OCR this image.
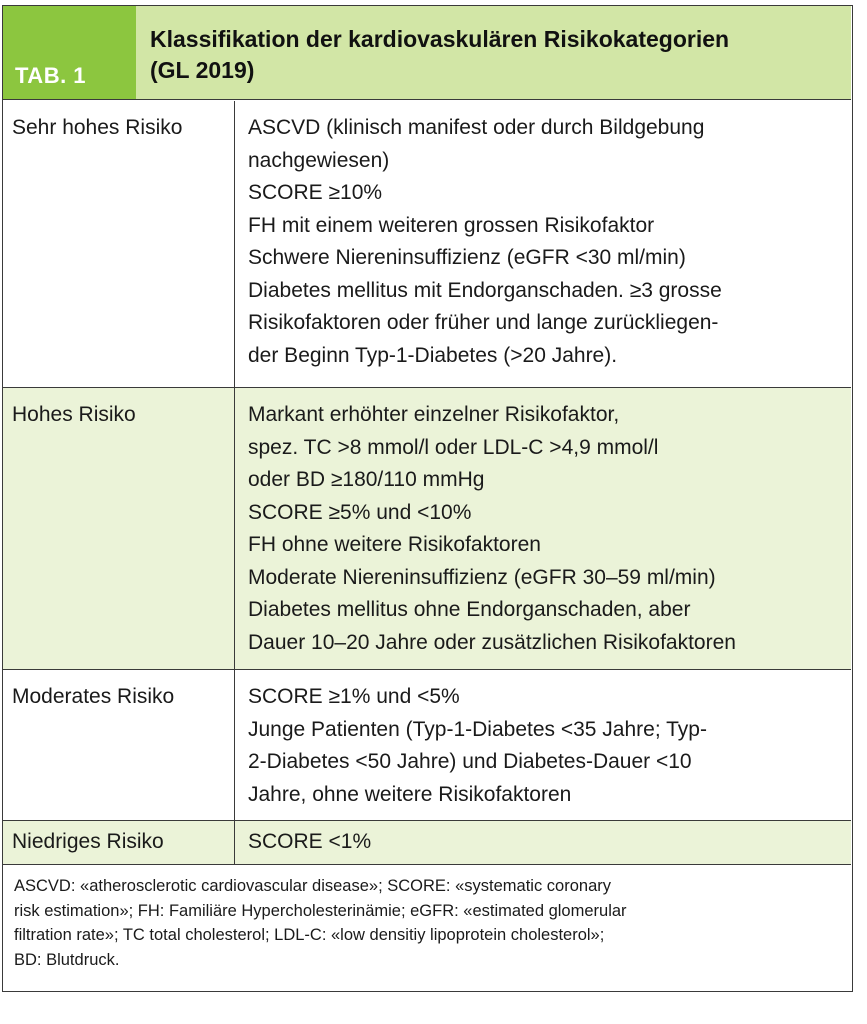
TAB. 1
Klassifikation der kardiovaskulären Risikokategorien
(GL 2019)
Sehr hohes Risiko	ASCVD (klinisch manifest oder durch Bildgebung
nachgewiesen)
SCORE ≥10%
FH mit einem weiteren grossen Risikofaktor
Schwere Niereninsuffizienz (eGFR <30 ml/min)
Diabetes mellitus mit Endorganschaden. ≥3 grosse
Risikofaktoren oder früher und lange zurückliegen-
der Beginn Typ-1-Diabetes (>20 Jahre).
Hohes Risiko	Markant erhöhter einzelner Risikofaktor,
spez. TC >8 mmol/l oder LDL-C >4,9 mmol/l
oder BD ≥180/110 mmHg
SCORE ≥5% und <10%
FH ohne weitere Risikofaktoren
Moderate Niereninsuffizienz (eGFR 30–59 ml/min)
Diabetes mellitus ohne Endorganschaden, aber
Dauer 10–20 Jahre oder zusätzlichen Risikofaktoren
Moderates Risiko	SCORE ≥1% und <5%
Junge Patienten (Typ-1-Diabetes <35 Jahre; Typ-
2-Diabetes <50 Jahre) und Diabetes-Dauer <10
Jahre, ohne weitere Risikofaktoren
Niedriges Risiko	SCORE <1%
ASCVD: «atherosclerotic cardiovascular disease»; SCORE: «systematic coronary
risk estimation»; FH: Familiäre Hypercholesterinämie; eGFR: «estimated glomerular
filtration rate»; TC total cholesterol; LDL-C: «low densitiy lipoprotein cholesterol»;
BD: Blutdruck.
